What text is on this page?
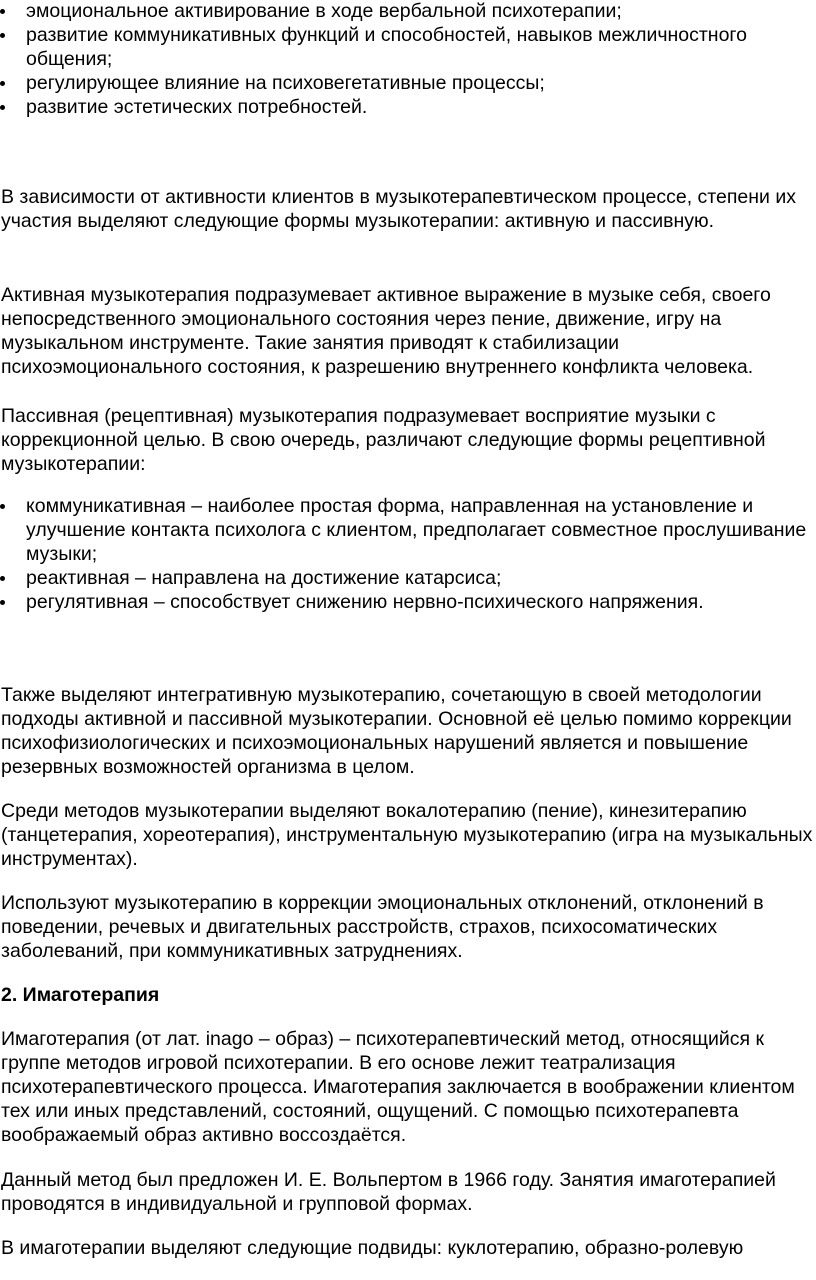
эмоциональное активирование в ходе вербальной психотерапии;
развитие коммуникативных функций и способностей, навыков межличностного общения;
регулирующее влияние на психовегетативные процессы;
развитие эстетических потребностей.

В зависимости от активности клиентов в музыкотерапевтическом процессе, степени их участия выделяют следующие формы музыкотерапии: активную и пассивную.

Активная музыкотерапия подразумевает активное выражение в музыке себя, своего непосредственного эмоционального состояния через пение, движение, игру на музыкальном инструменте. Такие занятия приводят к стабилизации психоэмоционального состояния, к разрешению внутреннего конфликта человека.

Пассивная (рецептивная) музыкотерапия подразумевает восприятие музыки с коррекционной целью. В свою очередь, различают следующие формы рецептивной музыкотерапии:

коммуникативная – наиболее простая форма, направленная на установление и улучшение контакта психолога с клиентом, предполагает совместное прослушивание музыки;
реактивная – направлена на достижение катарсиса;
регулятивная – способствует снижению нервно-психического напряжения.

Также выделяют интегративную музыкотерапию, сочетающую в своей методологии подходы активной и пассивной музыкотерапии. Основной её целью помимо коррекции психофизиологических и психоэмоциональных нарушений является и повышение резервных возможностей организма в целом.

Среди методов музыкотерапии выделяют вокалотерапию (пение), кинезитерапию (танцетерапия, хореотерапия), инструментальную музыкотерапию (игра на музыкальных инструментах).

Используют музыкотерапию в коррекции эмоциональных отклонений, отклонений в поведении, речевых и двигательных расстройств, страхов, психосоматических заболеваний, при коммуникативных затруднениях.

2. Имаготерапия

Имаготерапия (от лат. inago – образ) – психотерапевтический метод, относящийся к группе методов игровой психотерапии. В его основе лежит театрализация психотерапевтического процесса. Имаготерапия заключается в воображении клиентом тех или иных представлений, состояний, ощущений. С помощью психотерапевта воображаемый образ активно воссоздаётся.

Данный метод был предложен И. Е. Вольпертом в 1966 году. Занятия имаготерапией проводятся в индивидуальной и групповой формах.

В имаготерапии выделяют следующие подвиды: куклотерапию, образно-ролевую
